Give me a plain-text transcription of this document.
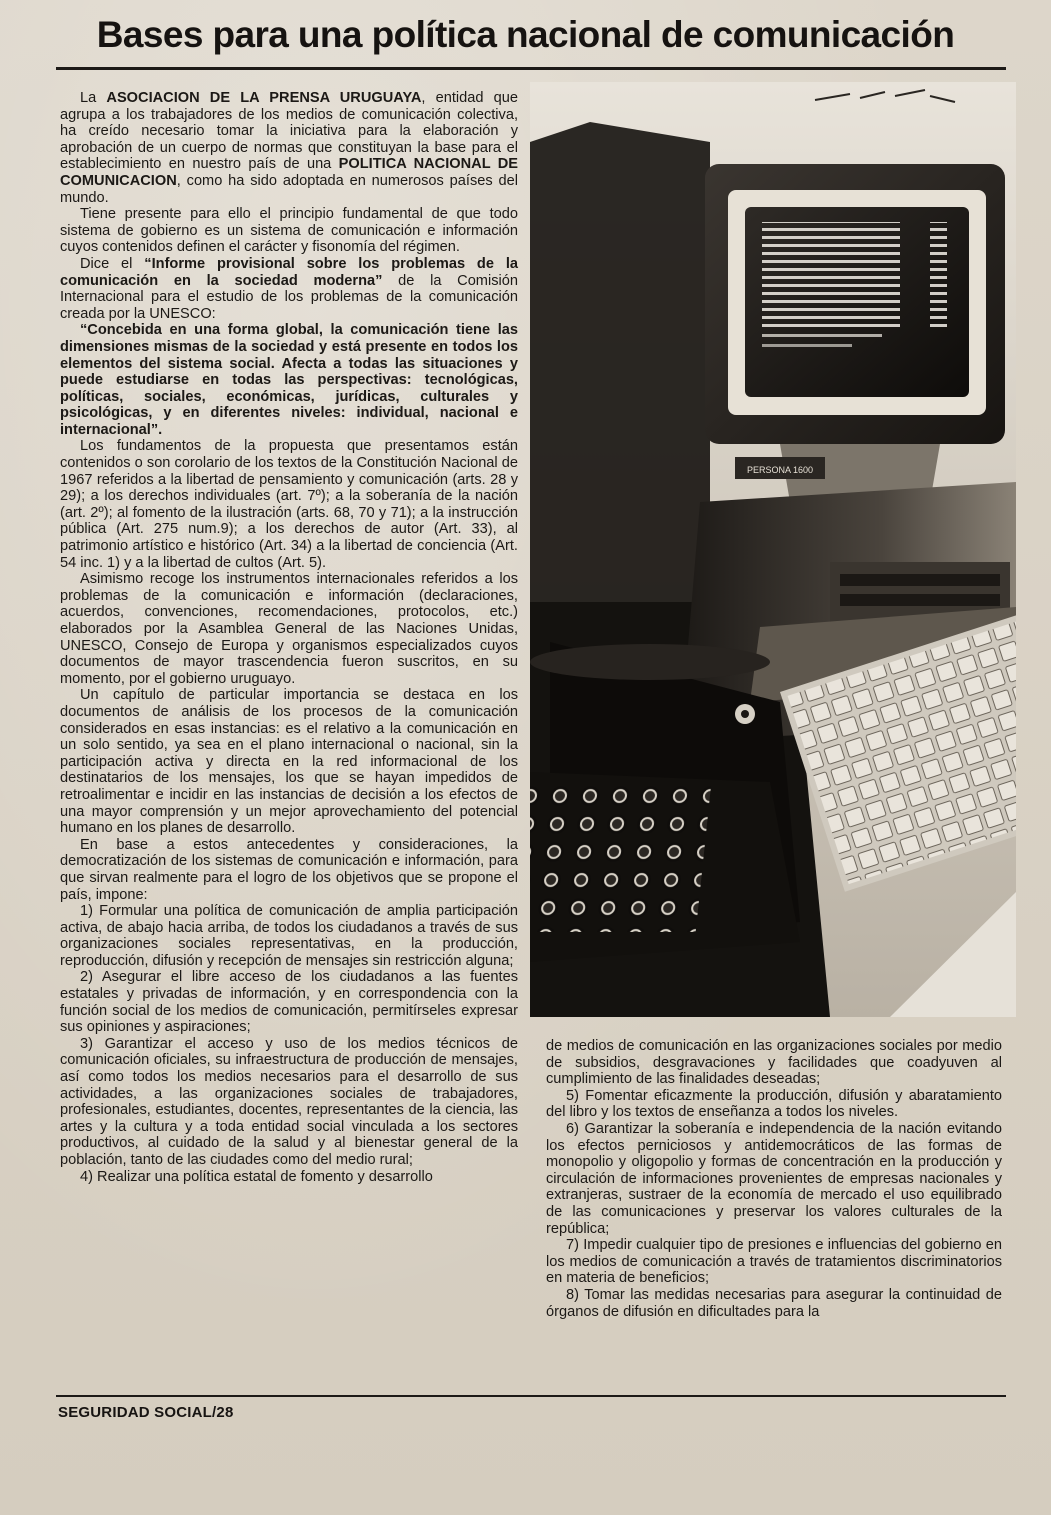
Bases para una política nacional de comunicación

La ASOCIACION DE LA PRENSA URUGUAYA, entidad que agrupa a los trabajadores de los medios de comunicación colectiva, ha creído necesario tomar la iniciativa para la elaboración y aprobación de un cuerpo de normas que constituyan la base para el establecimiento en nuestro país de una POLITICA NACIONAL DE COMUNICACION, como ha sido adoptada en numerosos países del mundo.

Tiene presente para ello el principio fundamental de que todo sistema de gobierno es un sistema de comunicación e información cuyos contenidos definen el carácter y fisonomía del régimen.

Dice el “Informe provisional sobre los problemas de la comunicación en la sociedad moderna” de la Comisión Internacional para el estudio de los problemas de la comunicación creada por la UNESCO:

“Concebida en una forma global, la comunicación tiene las dimensiones mismas de la sociedad y está presente en todos los elementos del sistema social. Afecta a todas las situaciones y puede estudiarse en todas las perspectivas: tecnológicas, políticas, sociales, económicas, jurídicas, culturales y psicológicas, y en diferentes niveles: individual, nacional e internacional”.

Los fundamentos de la propuesta que presentamos están contenidos o son corolario de los textos de la Constitución Nacional de 1967 referidos a la libertad de pensamiento y comunicación (arts. 28 y 29); a los derechos individuales (art. 7º); a la soberanía de la nación (art. 2º); al fomento de la ilustración (arts. 68, 70 y 71); a la instrucción pública (Art. 275 num.9); a los derechos de autor (Art. 33), al patrimonio artístico e histórico (Art. 34) a la libertad de conciencia (Art. 54 inc. 1) y a la libertad de cultos (Art. 5).

Asimismo recoge los instrumentos internacionales referidos a los problemas de la comunicación e información (declaraciones, acuerdos, convenciones, recomendaciones, protocolos, etc.) elaborados por la Asamblea General de las Naciones Unidas, UNESCO, Consejo de Europa y organismos especializados cuyos documentos de mayor trascendencia fueron suscritos, en su momento, por el gobierno uruguayo.

Un capítulo de particular importancia se destaca en los documentos de análisis de los procesos de la comunicación considerados en esas instancias: es el relativo a la comunicación en un solo sentido, ya sea en el plano internacional o nacional, sin la participación activa y directa en la red informacional de los destinatarios de los mensajes, los que se hayan impedidos de retroalimentar e incidir en las instancias de decisión a los efectos de una mayor comprensión y un mejor aprovechamiento del potencial humano en los planes de desarrollo.

En base a estos antecedentes y consideraciones, la democratización de los sistemas de comunicación e información, para que sirvan realmente para el logro de los objetivos que se propone el país, impone:

1) Formular una política de comunicación de amplia participación activa, de abajo hacia arriba, de todos los ciudadanos a través de sus organizaciones sociales representativas, en la producción, reproducción, difusión y recepción de mensajes sin restricción alguna;

2) Asegurar el libre acceso de los ciudadanos a las fuentes estatales y privadas de información, y en correspondencia con la función social de los medios de comunicación, permitírseles expresar sus opiniones y aspiraciones;

3) Garantizar el acceso y uso de los medios técnicos de comunicación oficiales, su infraestructura de producción de mensajes, así como todos los medios necesarios para el desarrollo de sus actividades, a las organizaciones sociales de trabajadores, profesionales, estudiantes, docentes, representantes de la ciencia, las artes y la cultura y a toda entidad social vinculada a los sectores productivos, al cuidado de la salud y al bienestar general de la población, tanto de las ciudades como del medio rural;

4) Realizar una política estatal de fomento y desarrollo

PERSONA 1600

de medios de comunicación en las organizaciones sociales por medio de subsidios, desgravaciones y facilidades que coadyuven al cumplimiento de las finalidades deseadas;

5) Fomentar eficazmente la producción, difusión y abaratamiento del libro y los textos de enseñanza a todos los niveles.

6) Garantizar la soberanía e independencia de la nación evitando los efectos perniciosos y antidemocráticos de las formas de monopolio y oligopolio y formas de concentración en la producción y circulación de informaciones provenientes de empresas nacionales y extranjeras, sustraer de la economía de mercado el uso equilibrado de las comunicaciones y preservar los valores culturales de la república;

7) Impedir cualquier tipo de presiones e influencias del gobierno en los medios de comunicación a través de tratamientos discriminatorios en materia de beneficios;

8) Tomar las medidas necesarias para asegurar la continuidad de órganos de difusión en dificultades para la

SEGURIDAD SOCIAL/28
